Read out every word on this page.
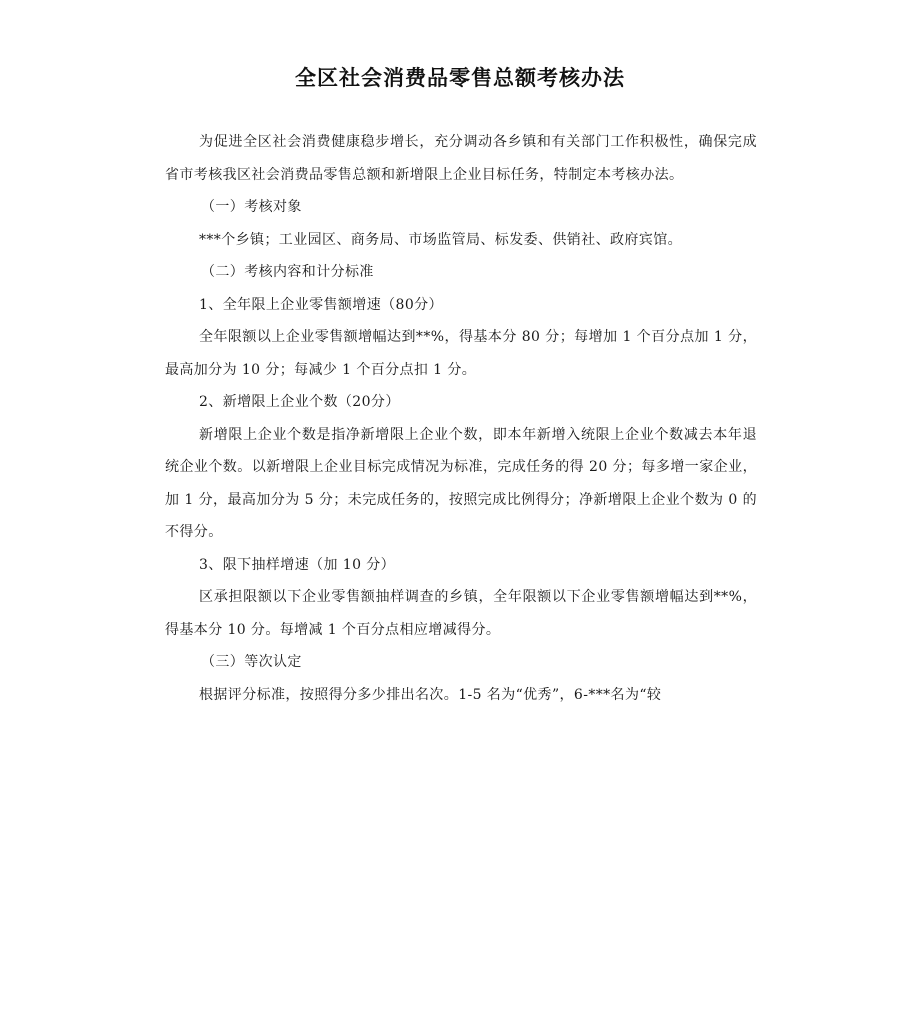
全区社会消费品零售总额考核办法

为促进全区社会消费健康稳步增长，充分调动各乡镇和有关部门工作积极性，确保完成省市考核我区社会消费品零售总额和新增限上企业目标任务，特制定本考核办法。

（一）考核对象

***个乡镇；工业园区、商务局、市场监管局、标发委、供销社、政府宾馆。

（二）考核内容和计分标准

1、全年限上企业零售额增速（80分）

全年限额以上企业零售额增幅达到**%，得基本分 80 分；每增加 1 个百分点加 1 分，最高加分为 10 分；每减少 1 个百分点扣 1 分。

2、新增限上企业个数（20分）

新增限上企业个数是指净新增限上企业个数，即本年新增入统限上企业个数减去本年退统企业个数。以新增限上企业目标完成情况为标准，完成任务的得 20 分；每多增一家企业，加 1 分，最高加分为 5 分；未完成任务的，按照完成比例得分；净新增限上企业个数为 0 的不得分。

3、限下抽样增速（加 10 分）

区承担限额以下企业零售额抽样调查的乡镇，全年限额以下企业零售额增幅达到**%，得基本分 10 分。每增减 1 个百分点相应增减得分。

（三）等次认定

根据评分标准，按照得分多少排出名次。1-5 名为“优秀”，6-***名为“较
